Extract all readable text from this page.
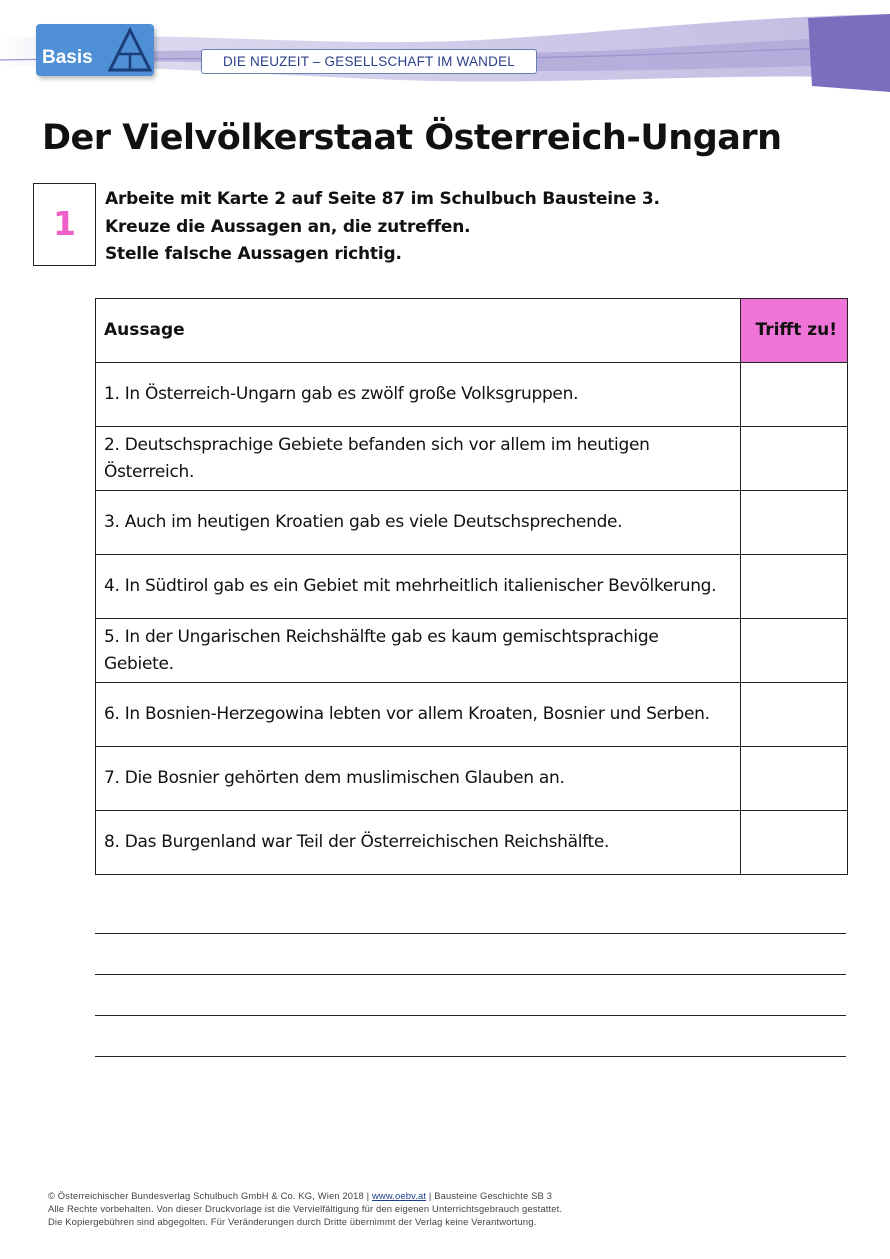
Basis	DIE NEUZEIT – GESELLSCHAFT IM WANDEL
Der Vielvölkerstaat Österreich-Ungarn
1
Arbeite mit Karte 2 auf Seite 87 im Schulbuch Bausteine 3.
Kreuze die Aussagen an, die zutreffen.
Stelle falsche Aussagen richtig.
Aussage	Trifft zu!
1. In Österreich-Ungarn gab es zwölf große Volksgruppen.	
2. Deutschsprachige Gebiete befanden sich vor allem im heutigen Österreich.	
3. Auch im heutigen Kroatien gab es viele Deutschsprechende.	
4. In Südtirol gab es ein Gebiet mit mehrheitlich italienischer Bevölkerung.	
5. In der Ungarischen Reichshälfte gab es kaum gemischtsprachige Gebiete.	
6. In Bosnien-Herzegowina lebten vor allem Kroaten, Bosnier und Serben.	
7. Die Bosnier gehörten dem muslimischen Glauben an.	
8. Das Burgenland war Teil der Österreichischen Reichshälfte.	
© Österreichischer Bundesverlag Schulbuch GmbH & Co. KG, Wien 2018 | www.oebv.at | Bausteine Geschichte SB 3
Alle Rechte vorbehalten. Von dieser Druckvorlage ist die Vervielfältigung für den eigenen Unterrichtsgebrauch gestattet.
Die Kopiergebühren sind abgegolten. Für Veränderungen durch Dritte übernimmt der Verlag keine Verantwortung.
